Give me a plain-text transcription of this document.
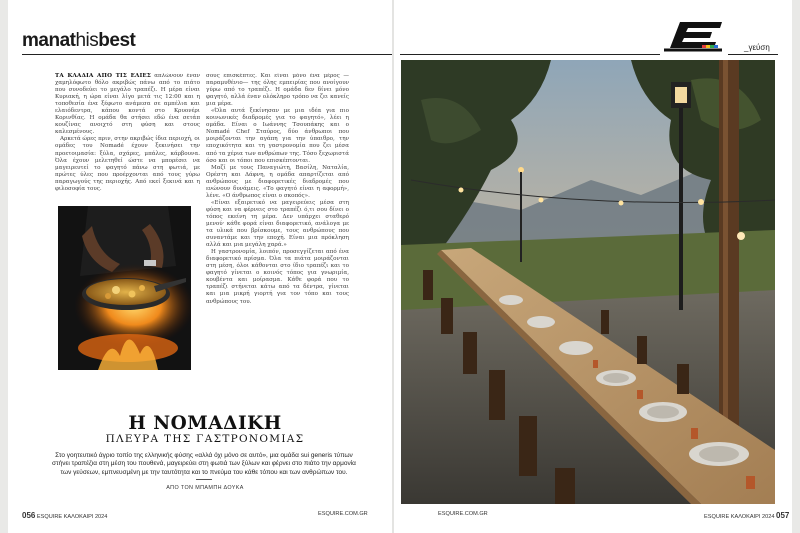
manathisbest	_γεύση

ΤΑ ΚΛΑΔΙΑ ΑΠΟ ΤΙΣ ΕΛΙΕΣ απλώνουν έναν χαμηλόφωτο θόλο ακριβώς πάνω από το πιάτο που συνοδεύει το μεγάλο τραπέζι. Η μέρα είναι Κυριακή, η ώρα είναι λίγο μετά τις 12:00 και η τοποθεσία ένα ξέφωτο ανάμεσα σε αμπέλια και ελαιόδεντρα, κάπου κοντά στο Κρυονέρι Κορινθίας. Η ομάδα θα στήσει εδώ ένα σετάπ κουζίνας ανοιχτό στη φύση και στους καλεσμένους.

Αρκετά ώρες πριν, στην ακριβώς ίδια περιοχή, οι ομάδες του Nomadé έχουν ξεκινήσει την προετοιμασία: ξύλα, σχάρες, μπάλες, κάρβουνα. Όλα έχουν μελετηθεί ώστε να μπορέσει να μαγειρευτεί το φαγητό πάνω στη φωτιά, με πρώτες ύλες που προέρχονται από τους γύρω παραγωγούς της περιοχής. Από εκεί ξεκινά και η φιλοσοφία τους.

σους επισκέπτες. Και είναι μόνο ένα μέρος —παραμυθένιο— της όλης εμπειρίας που ανοίγουν γύρω από το τραπέζι. Η ομάδα δεν δίνει μόνο φαγητό, αλλά έναν ολόκληρο τρόπο να ζει κανείς μια μέρα.

«Όλα αυτά ξεκίνησαν με μια ιδέα για πιο κοινωνικές διαδρομές για το φαγητό», λέει η ομάδα. Είναι ο Ιωάννης Τσουπάκης και ο Nomadé Chef Σταύρος, δύο άνθρωποι που μοιράζονται την αγάπη για την ύπαιθρο, την εποχικότητα και τη γαστρονομία που ζει μέσα από τα χέρια των ανθρώπων της. Τόσο ξεχωριστά όσο και οι τόποι που επισκέπτονται.

Μαζί με τους Παναγιώτη, Βασίλη, Ναταλία, Ορέστη και Δάφνη, η ομάδα απαρτίζεται από ανθρώπους με διαφορετικές διαδρομές που ενώνουν δυνάμεις. «Το φαγητό είναι η αφορμή», λένε. «Ο άνθρωπος είναι ο σκοπός».

«Είναι εξαιρετικό να μαγειρεύεις μέσα στη φύση και να φέρνεις στο τραπέζι ό,τι σου δίνει ο τόπος εκείνη τη μέρα. Δεν υπάρχει σταθερό μενού· κάθε φορά είναι διαφορετικό, ανάλογα με τα υλικά που βρίσκουμε, τους ανθρώπους που συναντάμε και την εποχή. Είναι μια πρόκληση αλλά και μια μεγάλη χαρά.»

Η γαστρονομία, λοιπόν, προσεγγίζεται από ένα διαφορετικό πρίσμα. Όλα τα πιάτα μοιράζονται στη μέση, όλοι κάθονται στο ίδιο τραπέζι και το φαγητό γίνεται ο κοινός τόπος για γνωριμία, κουβέντα και μοίρασμα. Κάθε φορά που το τραπέζι στήνεται κάτω από τα δέντρα, γίνεται και μια μικρή γιορτή για τον τόπο και τους ανθρώπους του.

Η ΝΟΜΑΔΙΚΗ
ΠΛΕΥΡΑ ΤΗΣ ΓΑΣΤΡΟΝΟΜΙΑΣ
Στο γοητευτικό άγριο τοπίο της ελληνικής φύσης «αλλά όχι μόνο σε αυτό», μια ομάδα sui generis τύπων στήνει τραπέζια στη μέση του πουθενά, μαγειρεύει στη φωτιά των ξύλων και φέρνει στο πιάτο την αρμονία των γεύσεων, εμπνευσμένη με την ταυτότητα και το πνεύμα του κάθε τόπου και των ανθρώπων του.
ΑΠΟ ΤΟΝ ΜΠΑΜΠΗ ΔΟΥΚΑ
056 ESQUIRE ΚΑΛΟΚΑΙΡΙ 2024	ESQUIRE.COM.GR	ESQUIRE.COM.GR	ESQUIRE ΚΑΛΟΚΑΙΡΙ 2024 057
